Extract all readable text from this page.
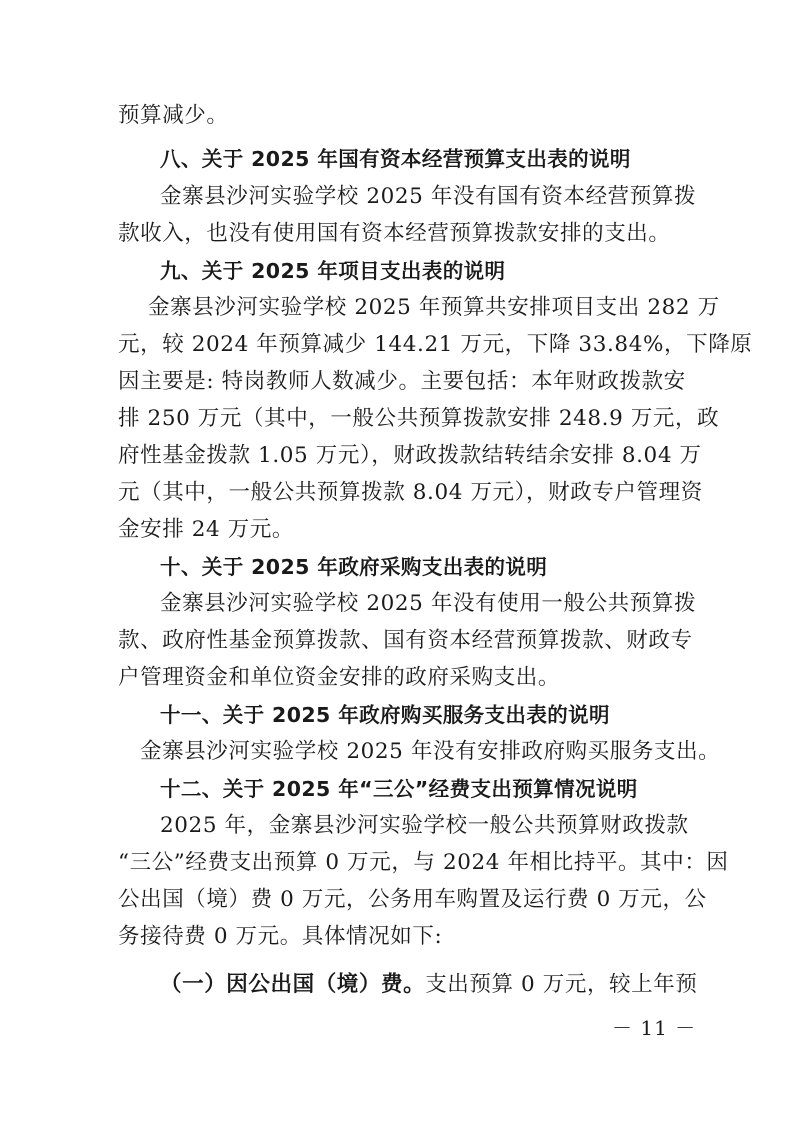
预算减少。
八、关于 2025 年国有资本经营预算支出表的说明
金寨县沙河实验学校 2025 年没有国有资本经营预算拨
款收入，也没有使用国有资本经营预算拨款安排的支出。
九、关于 2025 年项目支出表的说明
金寨县沙河实验学校 2025 年预算共安排项目支出 282 万
元，较 2024 年预算减少 144.21 万元，下降 33.84%，下降原
因主要是: 特岗教师人数减少。主要包括：本年财政拨款安
排 250 万元（其中，一般公共预算拨款安排 248.9 万元，政
府性基金拨款 1.05 万元），财政拨款结转结余安排 8.04 万
元（其中，一般公共预算拨款 8.04 万元），财政专户管理资
金安排 24 万元。
十、关于 2025 年政府采购支出表的说明
金寨县沙河实验学校 2025 年没有使用一般公共预算拨
款、政府性基金预算拨款、国有资本经营预算拨款、财政专
户管理资金和单位资金安排的政府采购支出。
十一、关于 2025 年政府购买服务支出表的说明
金寨县沙河实验学校 2025 年没有安排政府购买服务支出。
十二、关于 2025 年“三公”经费支出预算情况说明
2025 年，金寨县沙河实验学校一般公共预算财政拨款
“三公”经费支出预算 0 万元，与 2024 年相比持平。其中：因
公出国（境）费 0 万元，公务用车购置及运行费 0 万元，公
务接待费 0 万元。具体情况如下:
（一）因公出国（境）费。支出预算 0 万元，较上年预
－ 11 －
